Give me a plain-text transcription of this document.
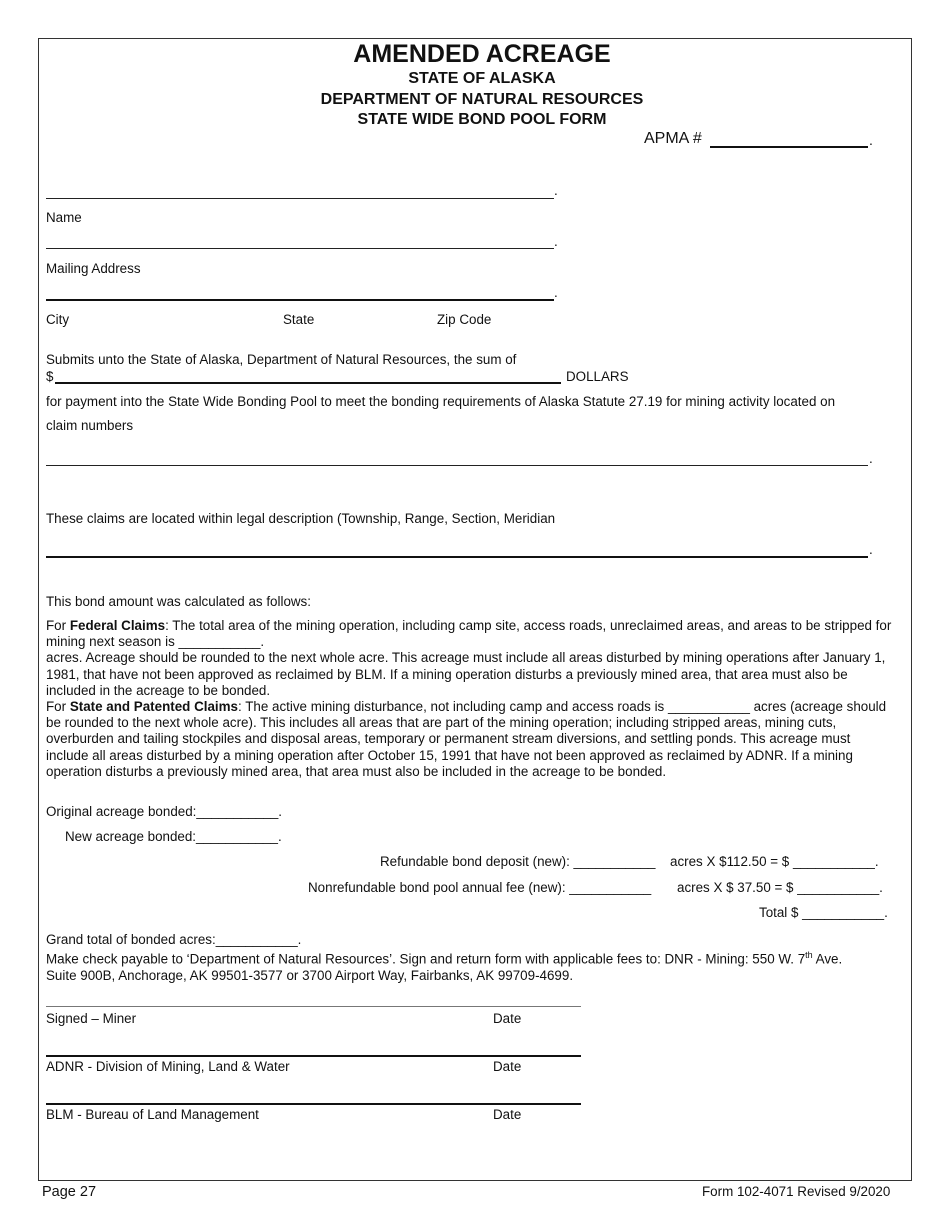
AMENDED ACREAGE
STATE OF ALASKA
DEPARTMENT OF NATURAL RESOURCES
STATE WIDE BOND POOL FORM
APMA #	.
.
Name
.
Mailing Address
.
City	State	Zip Code
Submits unto the State of Alaska, Department of Natural Resources, the sum of
$	DOLLARS
for payment into the State Wide Bonding Pool to meet the bonding requirements of Alaska Statute 27.19 for mining activity located on
claim numbers
.
These claims are located within legal description (Township, Range, Section, Meridian
.
This bond amount was calculated as follows:
For Federal Claims: The total area of the mining operation, including camp site, access roads, unreclaimed areas, and areas to be stripped for mining next season is ___________.
acres. Acreage should be rounded to the next whole acre. This acreage must include all areas disturbed by mining operations after January 1, 1981, that have not been approved as reclaimed by BLM. If a mining operation disturbs a previously mined area, that area must also be included in the acreage to be bonded.
For State and Patented Claims: The active mining disturbance, not including camp and access roads is ___________ acres (acreage should be rounded to the next whole acre). This includes all areas that are part of the mining operation; including stripped areas, mining cuts, overburden and tailing stockpiles and disposal areas, temporary or permanent stream diversions, and settling ponds. This acreage must include all areas disturbed by a mining operation after October 15, 1991 that have not been approved as reclaimed by ADNR. If a mining operation disturbs a previously mined area, that area must also be included in the acreage to be bonded.
Original acreage bonded:___________.
New acreage bonded:___________.
Refundable bond deposit (new): ___________ acres X $112.50 = $ ___________.
Nonrefundable bond pool annual fee (new): ___________ acres X $ 37.50 = $ ___________.
Total $ ___________.
Grand total of bonded acres:___________.
Make check payable to ‘Department of Natural Resources’. Sign and return form with applicable fees to: DNR - Mining: 550 W. 7th Ave.
Suite 900B, Anchorage, AK 99501-3577 or 3700 Airport Way, Fairbanks, AK 99709-4699.
Signed – Miner	Date
ADNR - Division of Mining, Land & Water	Date
BLM - Bureau of Land Management	Date
Page 27	Form 102-4071 Revised 9/2020
